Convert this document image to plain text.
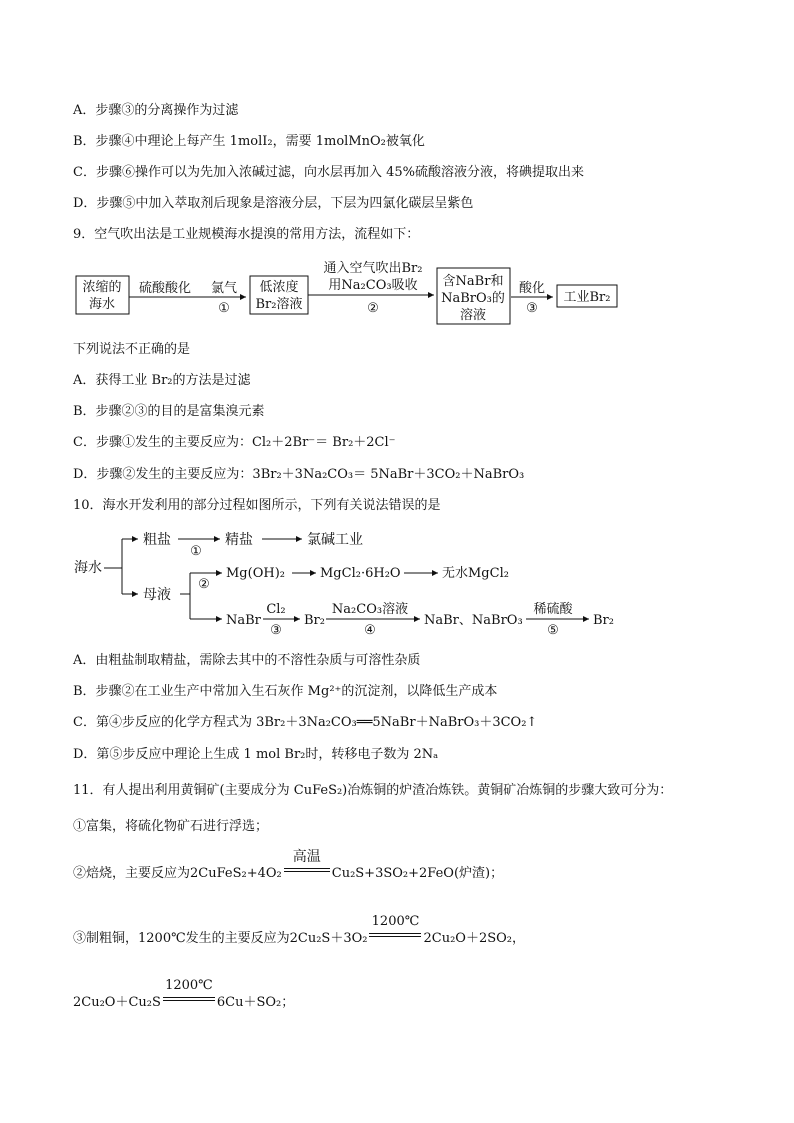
A．步骤③的分离操作为过滤
B．步骤④中理论上每产生 1molI₂，需要 1molMnO₂被氧化
C．步骤⑥操作可以为先加入浓碱过滤，向水层再加入 45%硫酸溶液分液，将碘提取出来
D．步骤⑤中加入萃取剂后现象是溶液分层，下层为四氯化碳层呈紫色
9．空气吹出法是工业规模海水提溴的常用方法，流程如下：
浓缩的
海水
硫酸酸化 氯气
①
低浓度
Br₂溶液
通入空气吹出Br₂
用Na₂CO₃吸收
②
含NaBr和
NaBrO₃的
溶液
酸化
③
工业Br₂
下列说法不正确的是
A．获得工业 Br₂的方法是过滤
B．步骤②③的目的是富集溴元素
C．步骤①发生的主要反应为：Cl₂＋2Br⁻＝ Br₂＋2Cl⁻
D．步骤②发生的主要反应为：3Br₂＋3Na₂CO₃＝ 5NaBr＋3CO₂＋NaBrO₃
10．海水开发利用的部分过程如图所示，下列有关说法错误的是
海水
粗盐
①
精盐	氯碱工业
母液
②
Mg(OH)₂	MgCl₂·6H₂O	无水MgCl₂
NaBr
Cl₂
③
Br₂
Na₂CO₃溶液
④
NaBr、NaBrO₃
稀硫酸
⑤
Br₂
A．由粗盐制取精盐，需除去其中的不溶性杂质与可溶性杂质
B．步骤②在工业生产中常加入生石灰作 Mg²⁺的沉淀剂，以降低生产成本
C．第④步反应的化学方程式为 3Br₂＋3Na₂CO₃══5NaBr＋NaBrO₃＋3CO₂↑
D．第⑤步反应中理论上生成 1 mol Br₂时，转移电子数为 2Nₐ
11．有人提出利用黄铜矿(主要成分为 CuFeS₂)冶炼铜的炉渣冶炼铁。黄铜矿冶炼铜的步骤大致可分为：
①富集，将硫化物矿石进行浮选；
②焙烧，主要反应为2CuFeS₂+4O₂
高温
Cu₂S+3SO₂+2FeO(炉渣)；
③制粗铜，1200℃发生的主要反应为2Cu₂S＋3O₂
1200℃
2Cu₂O＋2SO₂，
2Cu₂O＋Cu₂S
1200℃
6Cu＋SO₂；
